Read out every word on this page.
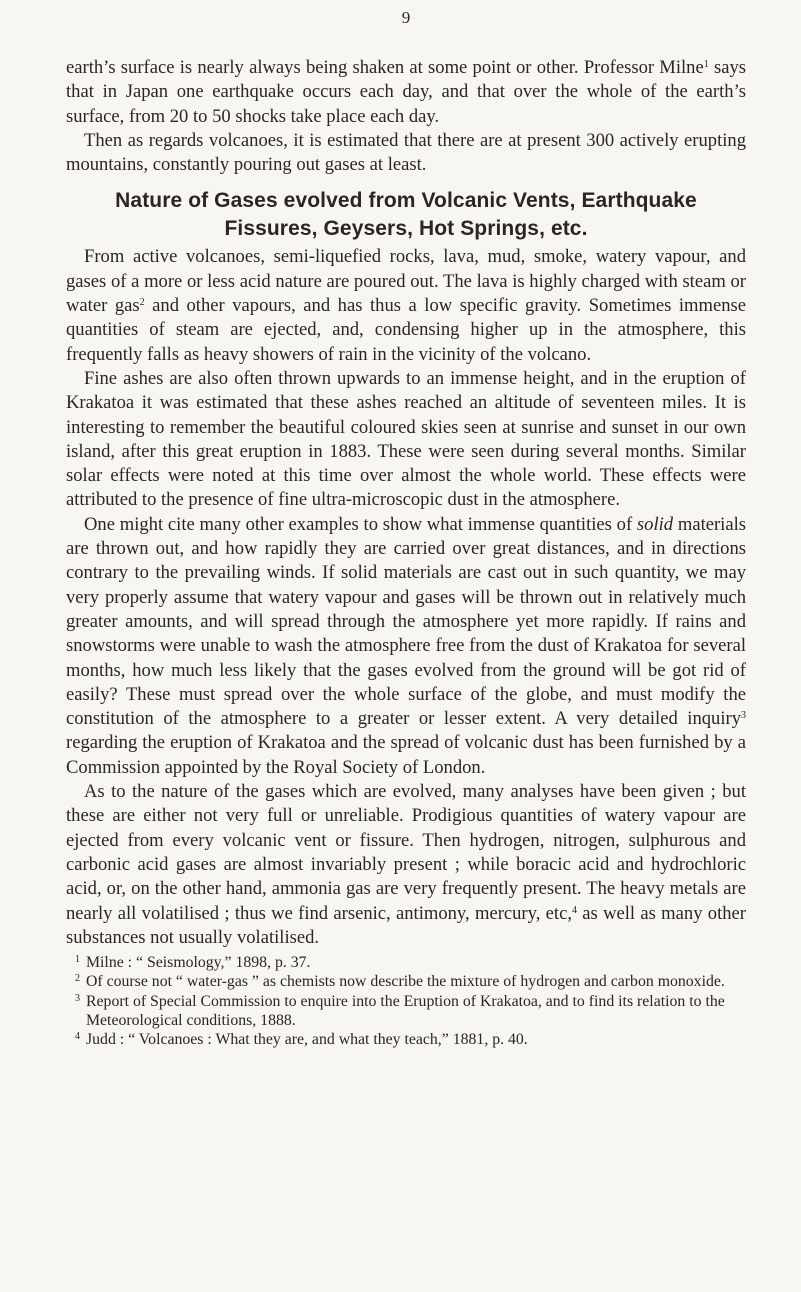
9

earth’s surface is nearly always being shaken at some point or other. Professor Milne$^1$ says that in Japan one earthquake occurs each day, and that over the whole of the earth’s surface, from 20 to 50 shocks take place each day.

Then as regards volcanoes, it is estimated that there are at present 300 actively erupting mountains, constantly pouring out gases at least.

Nature of Gases evolved from Volcanic Vents, Earthquake Fissures, Geysers, Hot Springs, etc.

From active volcanoes, semi-liquefied rocks, lava, mud, smoke, watery vapour, and gases of a more or less acid nature are poured out. The lava is highly charged with steam or water gas$^2$ and other vapours, and has thus a low specific gravity. Sometimes immense quantities of steam are ejected, and, condensing higher up in the atmosphere, this frequently falls as heavy showers of rain in the vicinity of the volcano.

Fine ashes are also often thrown upwards to an immense height, and in the eruption of Krakatoa it was estimated that these ashes reached an altitude of seventeen miles. It is interesting to remember the beautiful coloured skies seen at sunrise and sunset in our own island, after this great eruption in 1883. These were seen during several months. Similar solar effects were noted at this time over almost the whole world. These effects were attributed to the presence of fine ultra-microscopic dust in the atmosphere.

One might cite many other examples to show what immense quantities of solid materials are thrown out, and how rapidly they are carried over great distances, and in directions contrary to the prevailing winds. If solid materials are cast out in such quantity, we may very properly assume that watery vapour and gases will be thrown out in relatively much greater amounts, and will spread through the atmosphere yet more rapidly. If rains and snowstorms were unable to wash the atmosphere free from the dust of Krakatoa for several months, how much less likely that the gases evolved from the ground will be got rid of easily? These must spread over the whole surface of the globe, and must modify the constitution of the atmosphere to a greater or lesser extent. A very detailed inquiry$^3$ regarding the eruption of Krakatoa and the spread of volcanic dust has been furnished by a Commission appointed by the Royal Society of London.

As to the nature of the gases which are evolved, many analyses have been given ; but these are either not very full or unreliable. Prodigious quantities of watery vapour are ejected from every volcanic vent or fissure. Then hydrogen, nitrogen, sulphurous and carbonic acid gases are almost invariably present ; while boracic acid and hydrochloric acid, or, on the other hand, ammonia gas are very frequently present. The heavy metals are nearly all volatilised ; thus we find arsenic, antimony, mercury, etc,$^4$ as well as many other substances not usually volatilised.

1 Milne : “ Seismology,” 1898, p. 37.
2 Of course not “ water-gas ” as chemists now describe the mixture of hydrogen and carbon monoxide.
3 Report of Special Commission to enquire into the Eruption of Krakatoa, and to find its relation to the Meteorological conditions, 1888.
4 Judd : “ Volcanoes : What they are, and what they teach,” 1881, p. 40.
